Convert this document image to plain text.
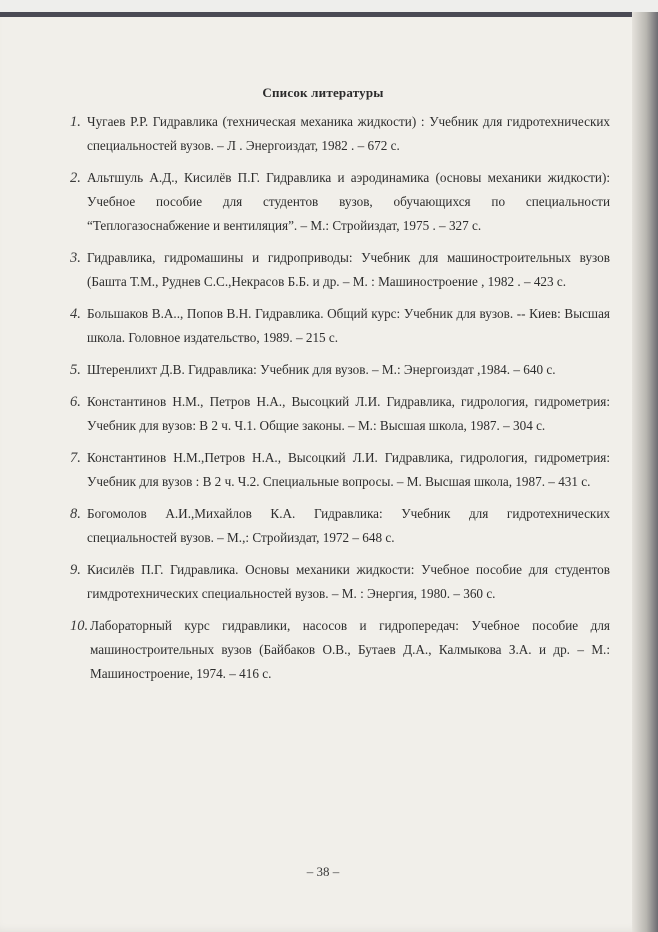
Список литературы
1. Чугаев Р.Р. Гидравлика (техническая механика жидкости) : Учебник для гидротехнических специальностей вузов. – Л . Энергоиздат, 1982 . – 672 с.
2. Альтшуль А.Д., Кисилёв П.Г. Гидравлика и аэродинамика (основы механики жидкости): Учебное пособие для студентов вузов, обучающихся по специальности “Теплогазоснабжение и вентиляция”. – М.: Стройиздат, 1975 . – 327 с.
3. Гидравлика, гидромашины и гидроприводы: Учебник для машиностроительных вузов (Башта Т.М., Руднев С.С.,Некрасов Б.Б. и др. – М. : Машиностроение , 1982 . – 423 с.
4. Большаков В.А.., Попов В.Н. Гидравлика. Общий курс: Учебник для вузов. -- Киев: Высшая школа. Головное издательство, 1989. – 215 с.
5. Штеренлихт Д.В. Гидравлика: Учебник для вузов. – М.: Энергоиздат ,1984. – 640 с.
6. Константинов Н.М., Петров Н.А., Высоцкий Л.И. Гидравлика, гидрология, гидрометрия: Учебник для вузов: В 2 ч. Ч.1. Общие законы. – М.: Высшая школа, 1987. – 304 с.
7. Константинов Н.М.,Петров Н.А., Высоцкий Л.И. Гидравлика, гидрология, гидрометрия: Учебник для вузов : В 2 ч. Ч.2. Специальные вопросы. – М. Высшая школа, 1987. – 431 с.
8. Богомолов А.И.,Михайлов К.А. Гидравлика: Учебник для гидротехнических специальностей вузов. – М.,: Стройиздат, 1972 – 648 с.
9. Кисилёв П.Г. Гидравлика. Основы механики жидкости: Учебное пособие для студентов гимдротехнических специальностей вузов. – М. : Энергия, 1980. – 360 с.
10. Лабораторный курс гидравлики, насосов и гидропередач: Учебное пособие для машиностроительных вузов (Байбаков О.В., Бутаев Д.А., Калмыкова З.А. и др. – М.: Машиностроение, 1974. – 416 с.
– 38 –
